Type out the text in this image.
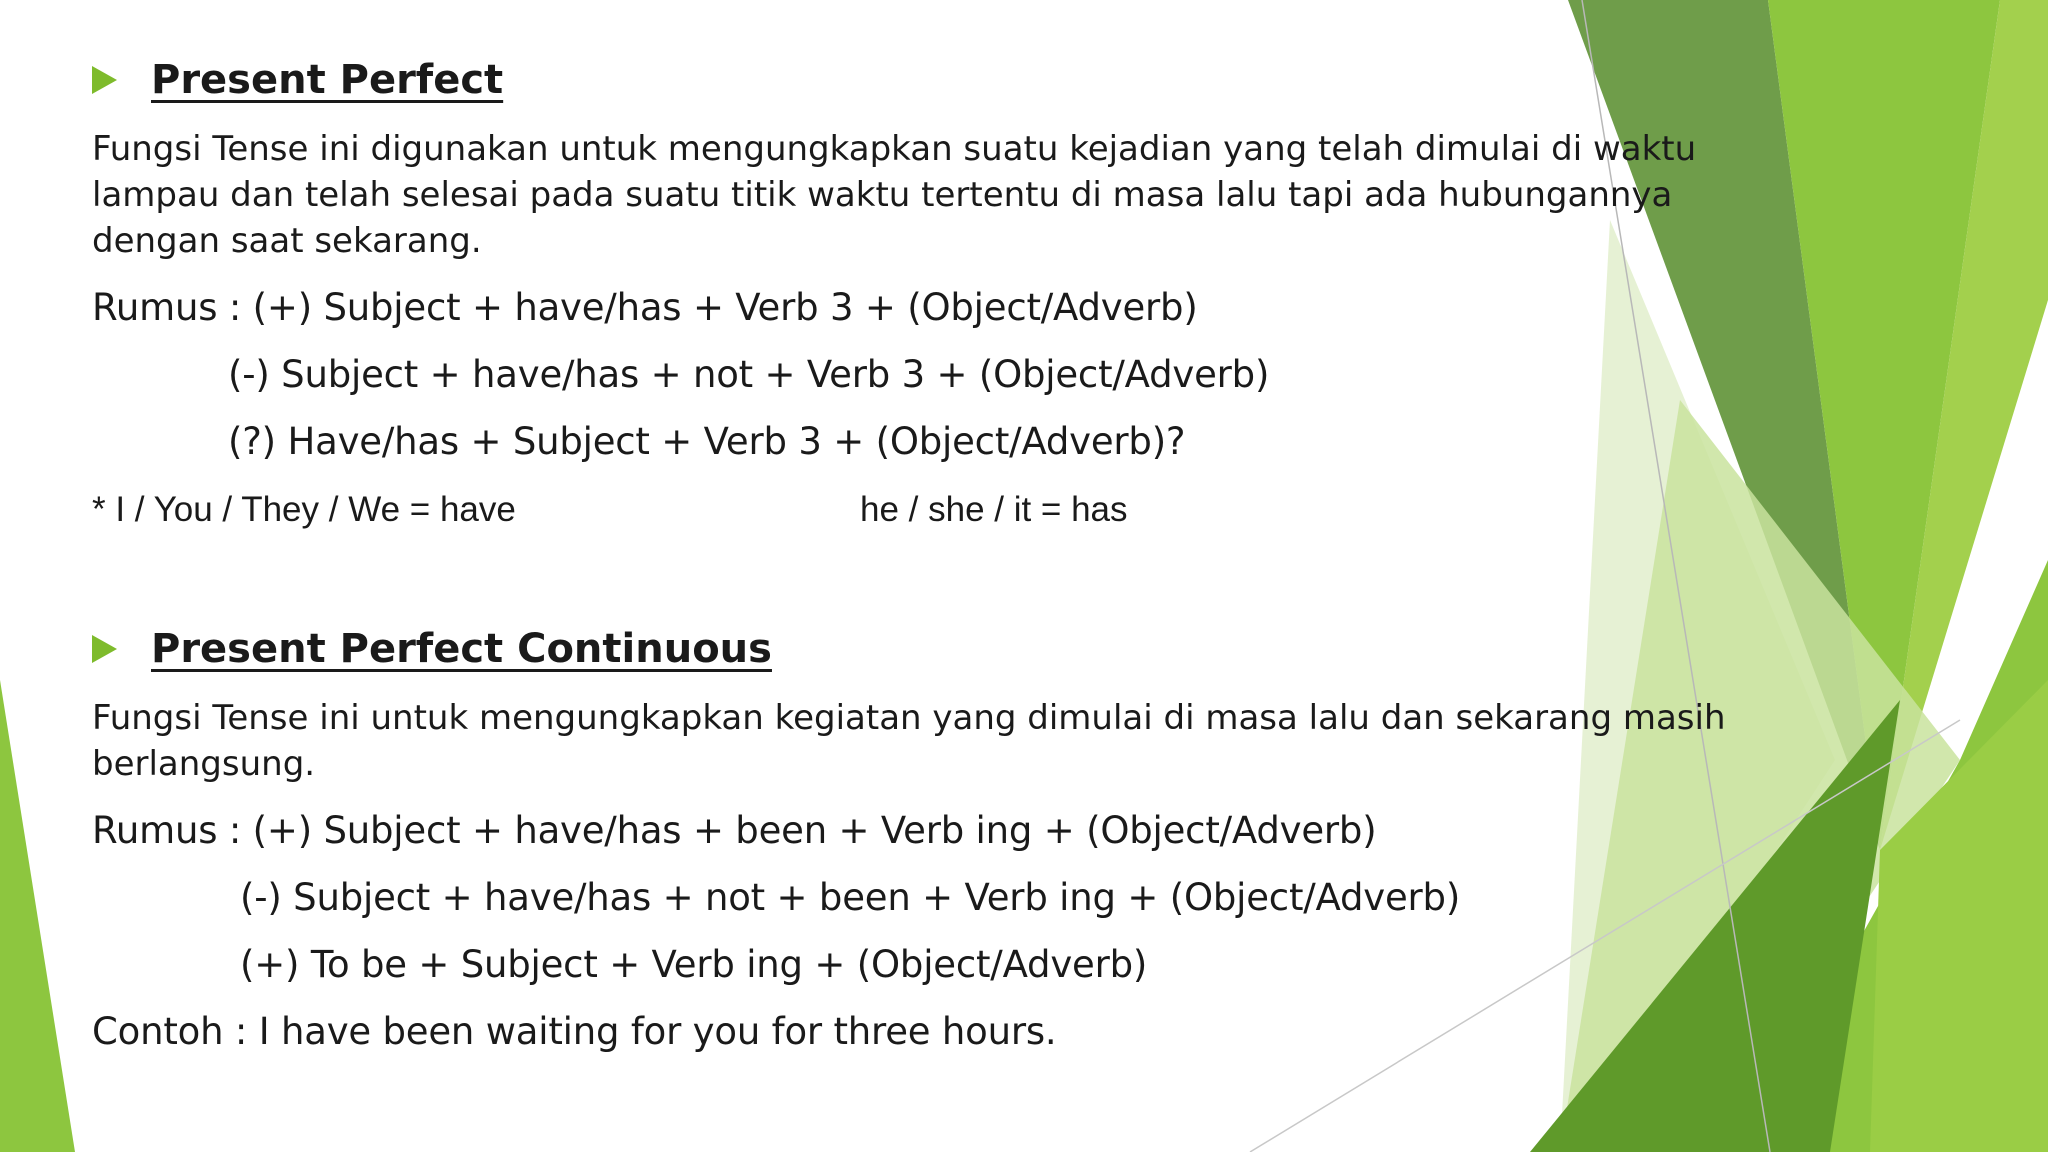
Present Perfect

Fungsi Tense ini digunakan untuk mengungkapkan suatu kejadian yang telah dimulai di waktu lampau dan telah selesai pada suatu titik waktu tertentu di masa lalu tapi ada hubungannya dengan saat sekarang.

Rumus : (+) Subject + have/has + Verb 3 + (Object/Adverb)
(-) Subject + have/has + not + Verb 3 + (Object/Adverb)
(?) Have/has + Subject + Verb 3 + (Object/Adverb)?
* I / You / They / We = have	he / she / it = has
Present Perfect Continuous

Fungsi Tense ini untuk mengungkapkan kegiatan yang dimulai di masa lalu dan sekarang masih berlangsung.

Rumus : (+) Subject + have/has + been + Verb ing + (Object/Adverb)
(-) Subject + have/has + not + been + Verb ing + (Object/Adverb)
(+) To be + Subject + Verb ing + (Object/Adverb)
Contoh : I have been waiting for you for three hours.
